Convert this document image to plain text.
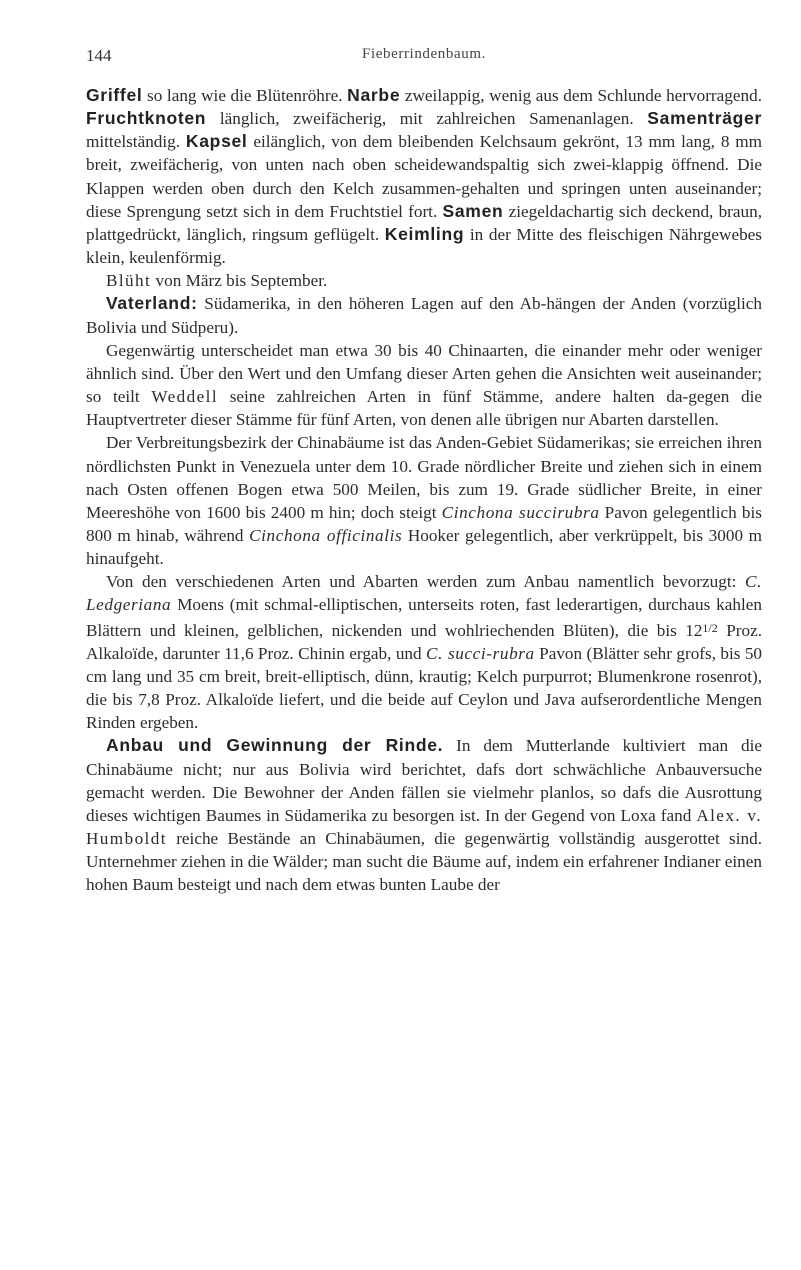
144	Fieberrindenbaum.

Griffel so lang wie die Blütenröhre. Narbe zweilappig, wenig aus dem Schlunde hervorragend. Fruchtknoten länglich, zweifächerig, mit zahlreichen Samenanlagen. Samenträger mittelständig. Kapsel eilänglich, von dem bleibenden Kelchsaum gekrönt, 13 mm lang, 8 mm breit, zweifächerig, von unten nach oben scheidewandspaltig sich zwei-klappig öffnend. Die Klappen werden oben durch den Kelch zusammen-gehalten und springen unten auseinander; diese Sprengung setzt sich in dem Fruchtstiel fort. Samen ziegeldachartig sich deckend, braun, plattgedrückt, länglich, ringsum geflügelt. Keimling in der Mitte des fleischigen Nährgewebes klein, keulenförmig.

Blüht von März bis September.

Vaterland: Südamerika, in den höheren Lagen auf den Ab-hängen der Anden (vorzüglich Bolivia und Südperu).

Gegenwärtig unterscheidet man etwa 30 bis 40 Chinaarten, die einander mehr oder weniger ähnlich sind. Über den Wert und den Umfang dieser Arten gehen die Ansichten weit auseinander; so teilt Weddell seine zahlreichen Arten in fünf Stämme, andere halten da-gegen die Hauptvertreter dieser Stämme für fünf Arten, von denen alle übrigen nur Abarten darstellen.

Der Verbreitungsbezirk der Chinabäume ist das Anden-Gebiet Südamerikas; sie erreichen ihren nördlichsten Punkt in Venezuela unter dem 10. Grade nördlicher Breite und ziehen sich in einem nach Osten offenen Bogen etwa 500 Meilen, bis zum 19. Grade südlicher Breite, in einer Meereshöhe von 1600 bis 2400 m hin; doch steigt Cinchona succirubra Pavon gelegentlich bis 800 m hinab, während Cinchona officinalis Hooker gelegentlich, aber verkrüppelt, bis 3000 m hinaufgeht.

Von den verschiedenen Arten und Abarten werden zum Anbau namentlich bevorzugt: C. Ledgeriana Moens (mit schmal-elliptischen, unterseits roten, fast lederartigen, durchaus kahlen Blättern und kleinen, gelblichen, nickenden und wohlriechenden Blüten), die bis $12^{1/2}$ Proz. Alkaloïde, darunter 11,6 Proz. Chinin ergab, und C. succi-rubra Pavon (Blätter sehr grofs, bis 50 cm lang und 35 cm breit, breit-elliptisch, dünn, krautig; Kelch purpurrot; Blumenkrone rosenrot), die bis 7,8 Proz. Alkaloïde liefert, und die beide auf Ceylon und Java aufserordentliche Mengen Rinden ergeben.

Anbau und Gewinnung der Rinde. In dem Mutterlande kultiviert man die Chinabäume nicht; nur aus Bolivia wird berichtet, dafs dort schwächliche Anbauversuche gemacht werden. Die Bewohner der Anden fällen sie vielmehr planlos, so dafs die Ausrottung dieses wichtigen Baumes in Südamerika zu besorgen ist. In der Gegend von Loxa fand Alex. v. Humboldt reiche Bestände an Chinabäumen, die gegenwärtig vollständig ausgerottet sind. Unternehmer ziehen in die Wälder; man sucht die Bäume auf, indem ein erfahrener Indianer einen hohen Baum besteigt und nach dem etwas bunten Laube der
